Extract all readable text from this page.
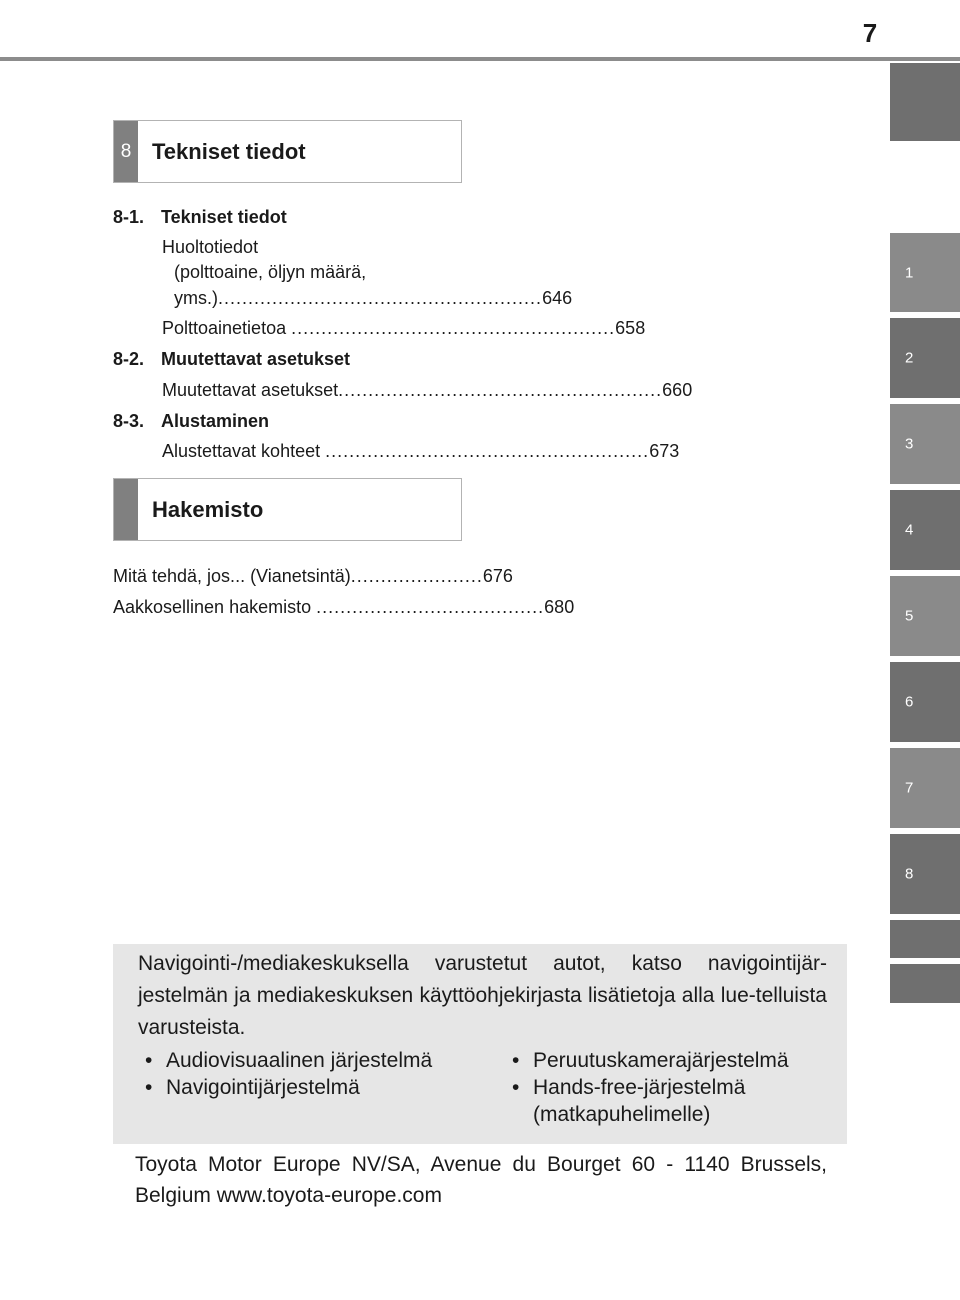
7
1
2
3
4
5
6
7
8
8 Tekniset tiedot
8-1. Tekniset tiedot
Huoltotiedot
(polttoaine, öljyn määrä,
yms.) ...................................................... 646
Polttoainetietoa
...................................................... 658
8-2. Muutettavat asetukset
Muutettavat asetukset ...................................................... 660
8-3. Alustaminen
Alustettavat kohteet
...................................................... 673
Hakemisto
Mitä tehdä, jos... (Vianetsintä) ...................... 676
Aakkosellinen hakemisto
...................................... 680
Navigointi-/mediakeskuksella varustetut autot, katso navigointijär-jestelmän ja mediakeskuksen käyttöohjekirjasta lisätietoja alla lue-telluista varusteista.
• Audiovisuaalinen järjestelmä
• Navigointijärjestelmä
• Peruutuskamerajärjestelmä
• Hands-free-järjestelmä (matkapuhelimelle)
Toyota Motor Europe NV/SA, Avenue du Bourget 60 - 1140 Brussels, Belgium www.toyota-europe.com
